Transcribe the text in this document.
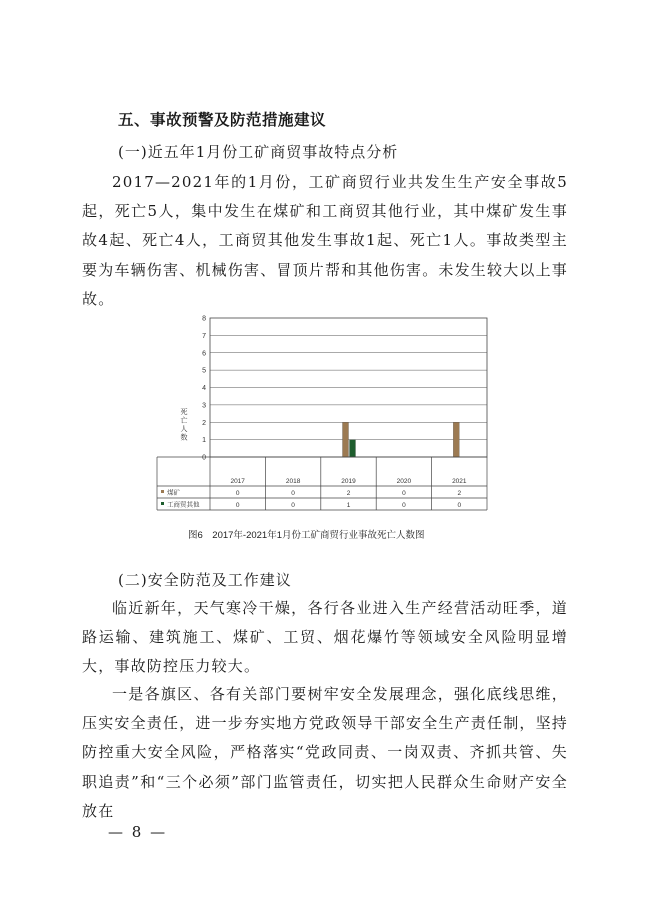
五、事故预警及防范措施建议
(一)近五年1月份工矿商贸事故特点分析

2017—2021年的1月份，工矿商贸行业共发生生产安全事故5起，死亡5人，集中发生在煤矿和工商贸其他行业，其中煤矿发生事故4起、死亡4人，工商贸其他发生事故1起、死亡1人。事故类型主要为车辆伤害、机械伤害、冒顶片帮和其他伤害。未发生较大以上事故。

0
1
2
3
4
5
6
7
8
死
亡
人
数
2017	2018	2019	2020	2021
煤矿	0	0	2	0	2
工商贸其他	0	0	1	0	0
图6　2017年-2021年1月份工矿商贸行业事故死亡人数图
(二)安全防范及工作建议

临近新年，天气寒冷干燥，各行各业进入生产经营活动旺季，道路运输、建筑施工、煤矿、工贸、烟花爆竹等领域安全风险明显增大，事故防控压力较大。

一是各旗区、各有关部门要树牢安全发展理念，强化底线思维，压实安全责任，进一步夯实地方党政领导干部安全生产责任制，坚持防控重大安全风险，严格落实“党政同责、一岗双责、齐抓共管、失职追责”和“三个必须”部门监管责任，切实把人民群众生命财产安全放在

— 8 —
